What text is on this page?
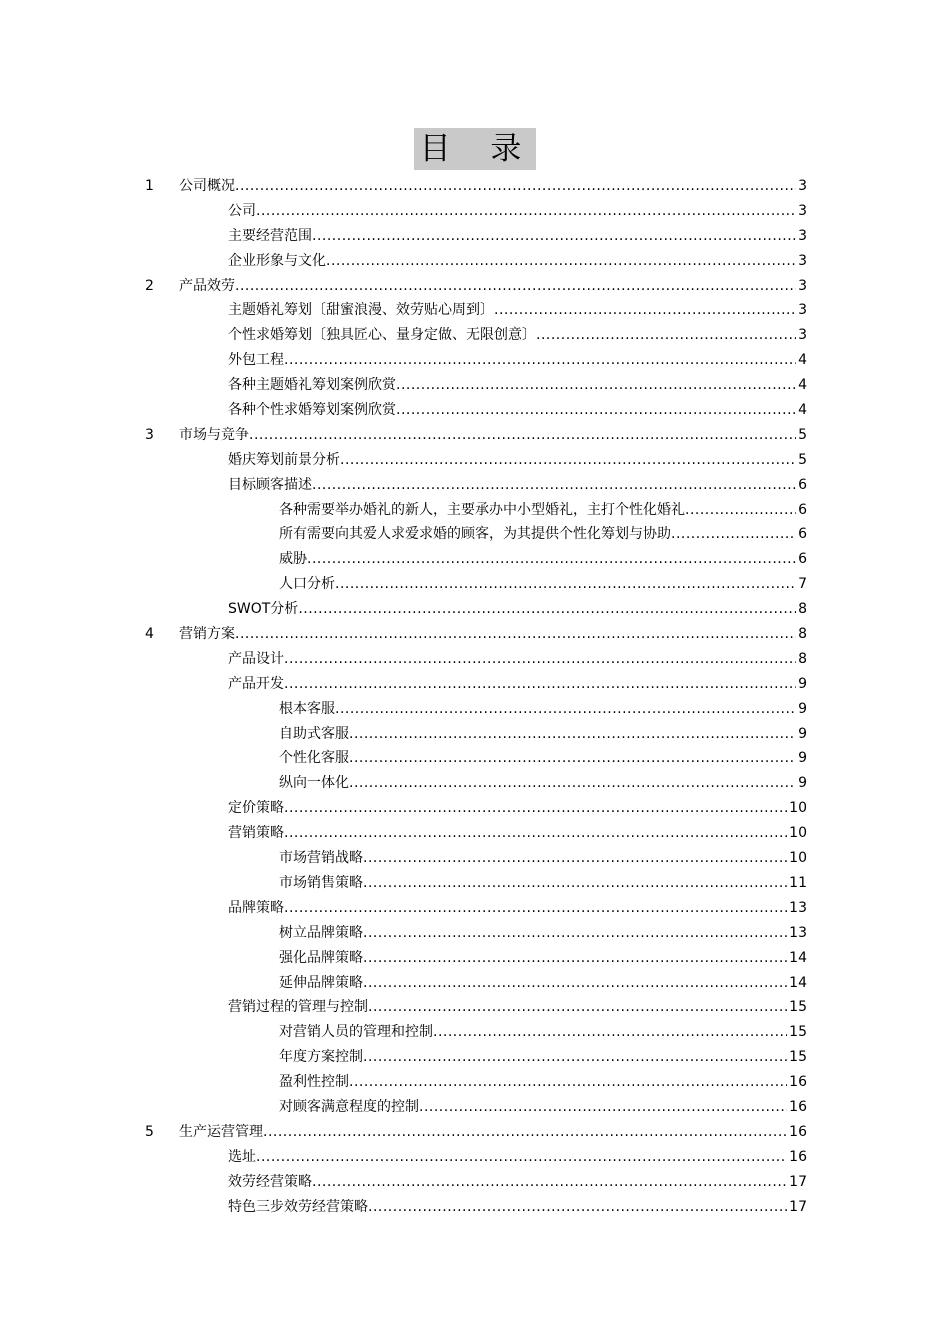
目 录
1 公司概况 .....	3
公司 .....	3
主要经营范围 .....	3
企业形象与文化 .....	3
2 产品效劳 .....	3
主题婚礼筹划〔甜蜜浪漫、效劳贴心周到〕 .....	3
个性求婚筹划〔独具匠心、量身定做、无限创意〕 .....	3
外包工程 .....	4
各种主题婚礼筹划案例欣赏 .....	4
各种个性求婚筹划案例欣赏 .....	4
3 市场与竞争 .....	5
婚庆筹划前景分析 .....	5
目标顾客描述 .....	6
各种需要举办婚礼的新人，主要承办中小型婚礼，主打个性化婚礼 .....	6
所有需要向其爱人求爱求婚的顾客，为其提供个性化筹划与协助 .....	6
威胁 .....	6
人口分析 .....	7
SWOT分析 .....	8
4 营销方案 .....	8
产品设计 .....	8
产品开发 .....	9
根本客服 .....	9
自助式客服 .....	9
个性化客服 .....	9
纵向一体化 .....	9
定价策略 .....	10
营销策略 .....	10
市场营销战略 .....	10
市场销售策略 .....	11
品牌策略 .....	13
树立品牌策略 .....	13
强化品牌策略 .....	14
延伸品牌策略 .....	14
营销过程的管理与控制 .....	15
对营销人员的管理和控制 .....	15
年度方案控制 .....	15
盈利性控制 .....	16
对顾客满意程度的控制 .....	16
5 生产运营管理 .....	16
选址 .....	16
效劳经营策略 .....	17
特色三步效劳经营策略 .....	17
